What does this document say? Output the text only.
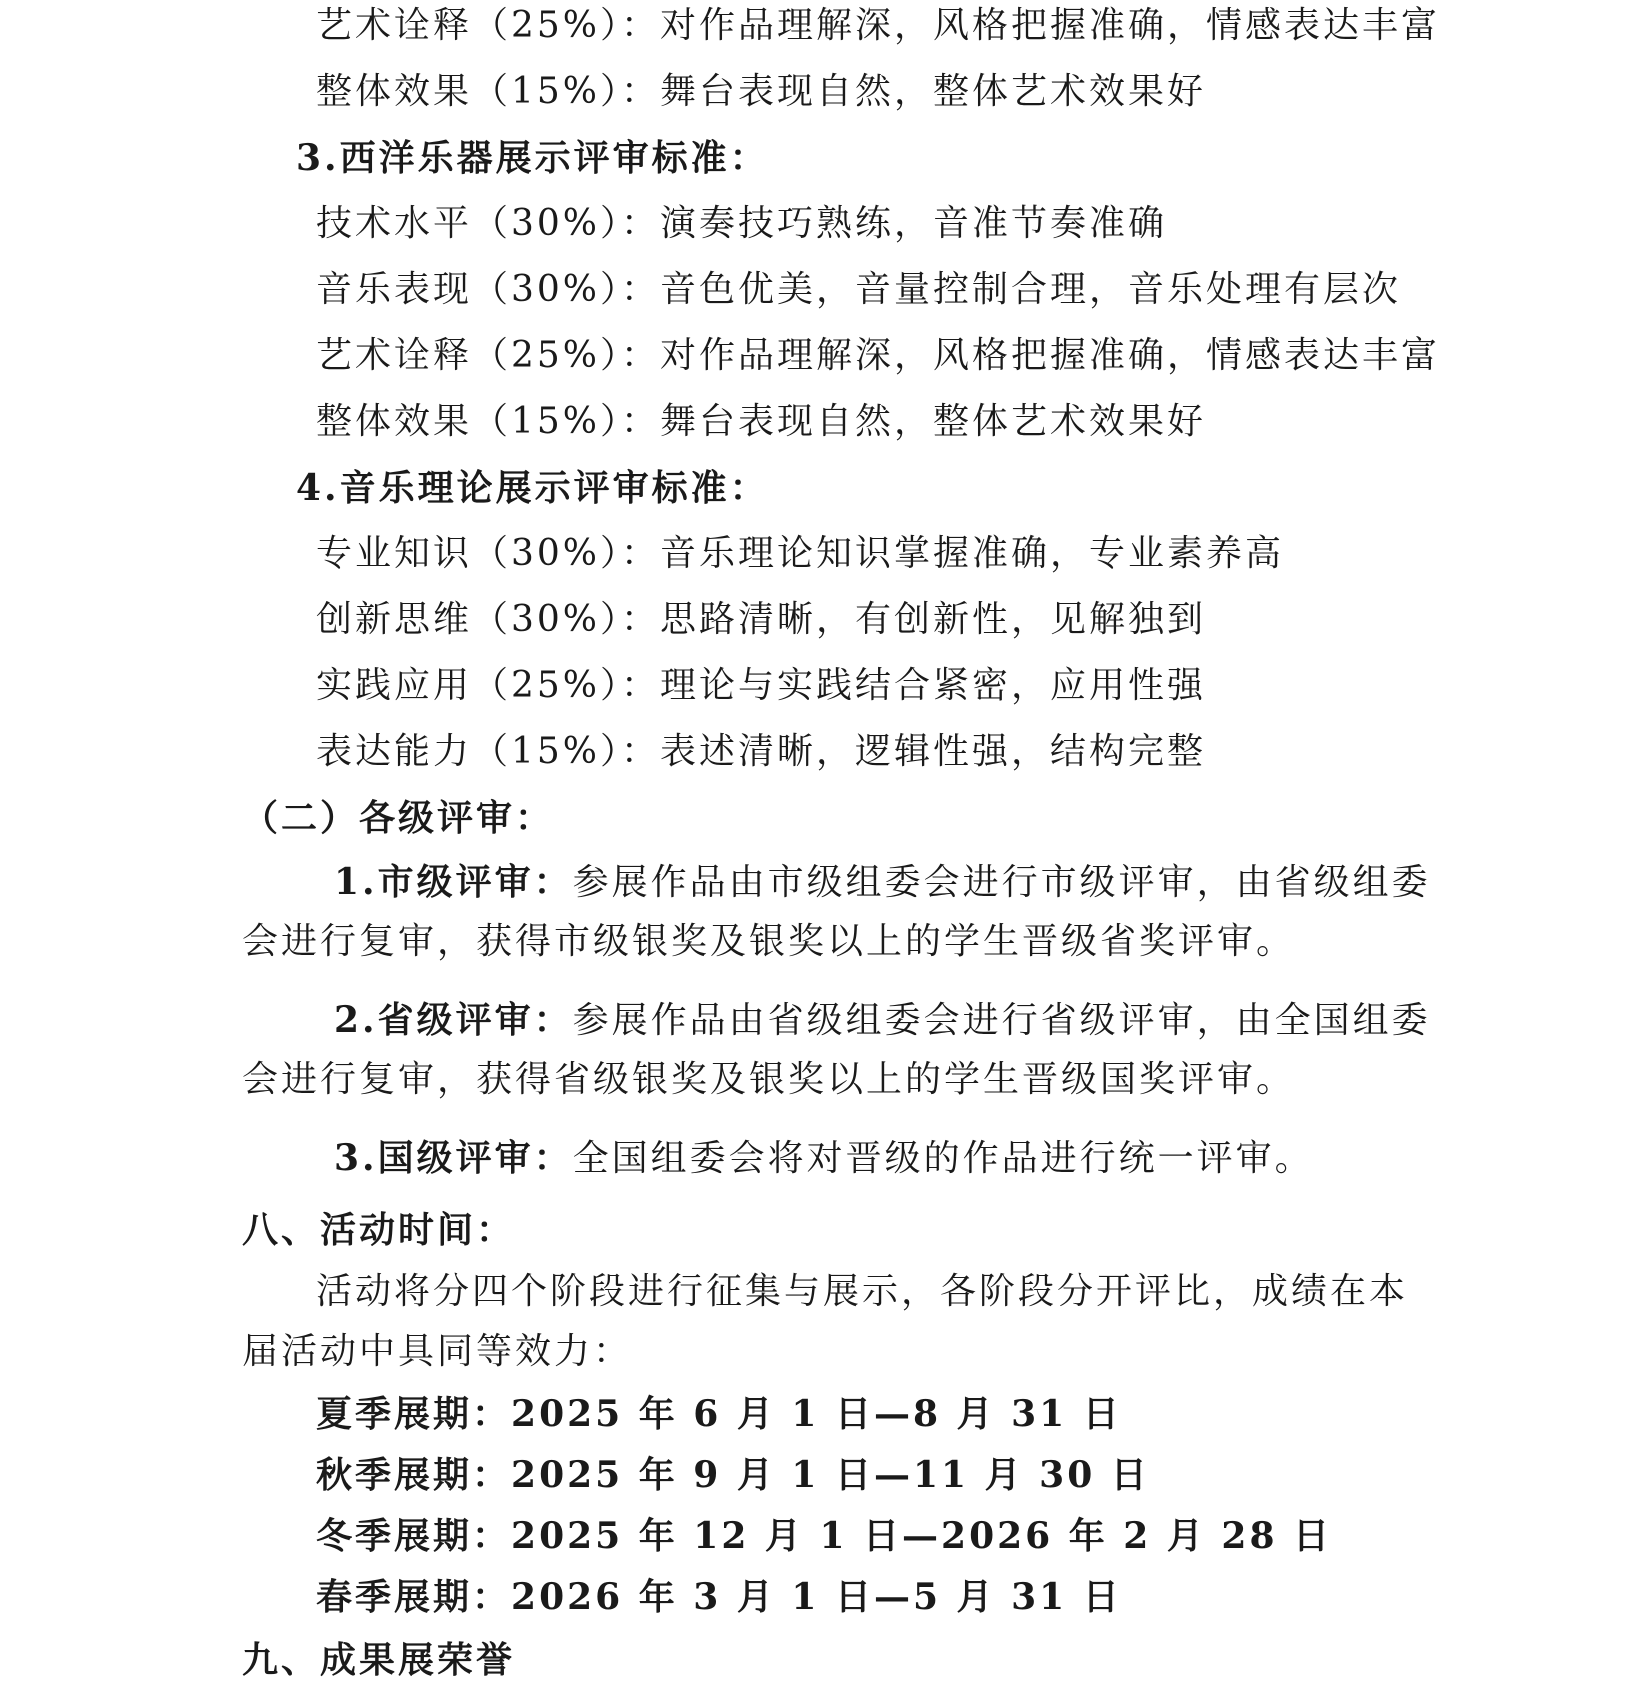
艺术诠释（25%）：对作品理解深，风格把握准确，情感表达丰富
整体效果（15%）：舞台表现自然，整体艺术效果好
3.西洋乐器展示评审标准：
技术水平（30%）：演奏技巧熟练，音准节奏准确
音乐表现（30%）：音色优美，音量控制合理，音乐处理有层次
艺术诠释（25%）：对作品理解深，风格把握准确，情感表达丰富
整体效果（15%）：舞台表现自然，整体艺术效果好
4.音乐理论展示评审标准：
专业知识（30%）：音乐理论知识掌握准确，专业素养高
创新思维（30%）：思路清晰，有创新性，见解独到
实践应用（25%）：理论与实践结合紧密，应用性强
表达能力（15%）：表述清晰，逻辑性强，结构完整
（二）各级评审：
1.市级评审：参展作品由市级组委会进行市级评审，由省级组委
会进行复审，获得市级银奖及银奖以上的学生晋级省奖评审。
2.省级评审：参展作品由省级组委会进行省级评审，由全国组委
会进行复审，获得省级银奖及银奖以上的学生晋级国奖评审。
3.国级评审：全国组委会将对晋级的作品进行统一评审。
八、活动时间：
活动将分四个阶段进行征集与展示，各阶段分开评比，成绩在本
届活动中具同等效力：
夏季展期：2025 年 6 月 1 日—8 月 31 日
秋季展期：2025 年 9 月 1 日—11 月 30 日
冬季展期：2025 年 12 月 1 日—2026 年 2 月 28 日
春季展期：2026 年 3 月 1 日—5 月 31 日
九、成果展荣誉
